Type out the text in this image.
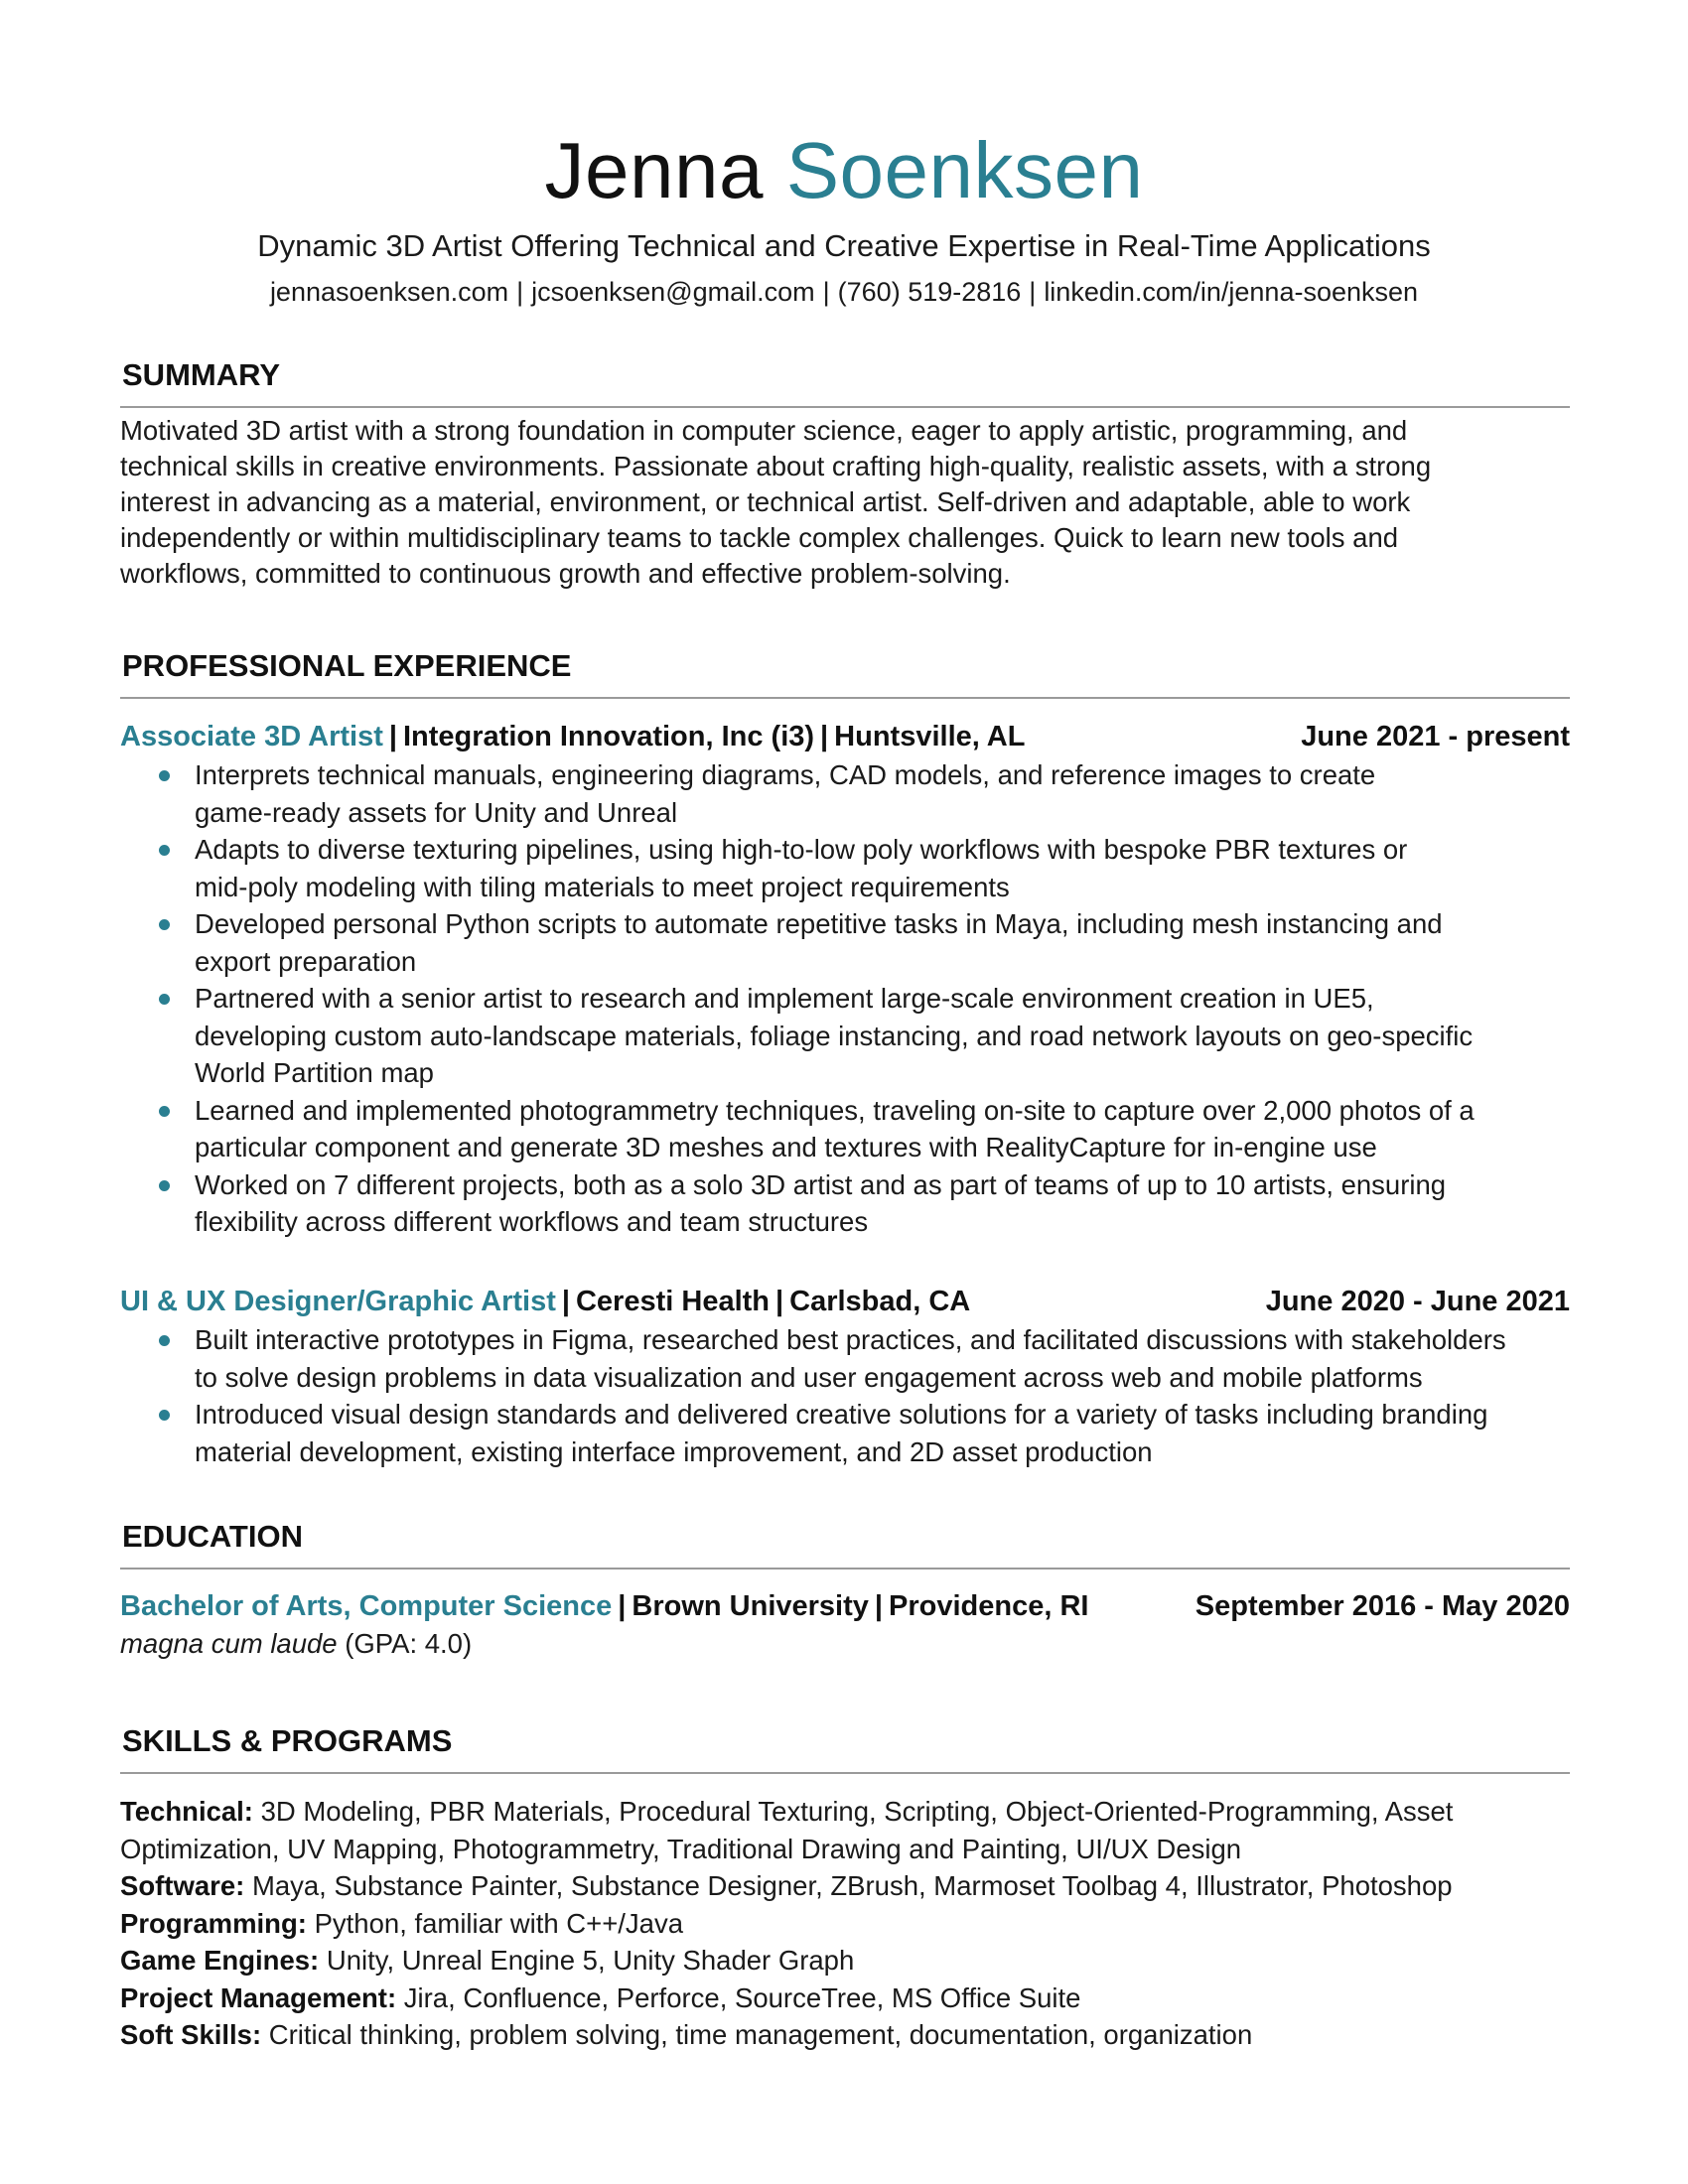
Jenna Soenksen
Dynamic 3D Artist Offering Technical and Creative Expertise in Real-Time Applications
jennasoenksen.com | jcsoenksen@gmail.com | (760) 519-2816 | linkedin.com/in/jenna-soenksen
SUMMARY

Motivated 3D artist with a strong foundation in computer science, eager to apply artistic, programming, and

technical skills in creative environments. Passionate about crafting high-quality, realistic assets, with a strong

interest in advancing as a material, environment, or technical artist. Self-driven and adaptable, able to work

independently or within multidisciplinary teams to tackle complex challenges. Quick to learn new tools and

workflows, committed to continuous growth and effective problem-solving.

PROFESSIONAL EXPERIENCE
Associate 3D Artist | Integration Innovation, Inc (i3) | Huntsville, AL	June 2021 - present
Interprets technical manuals, engineering diagrams, CAD models, and reference images to create
game-ready assets for Unity and Unreal
Adapts to diverse texturing pipelines, using high-to-low poly workflows with bespoke PBR textures or
mid-poly modeling with tiling materials to meet project requirements
Developed personal Python scripts to automate repetitive tasks in Maya, including mesh instancing and
export preparation
Partnered with a senior artist to research and implement large-scale environment creation in UE5,
developing custom auto-landscape materials, foliage instancing, and road network layouts on geo-specific
World Partition map
Learned and implemented photogrammetry techniques, traveling on-site to capture over 2,000 photos of a
particular component and generate 3D meshes and textures with RealityCapture for in-engine use
Worked on 7 different projects, both as a solo 3D artist and as part of teams of up to 10 artists, ensuring
flexibility across different workflows and team structures
UI & UX Designer/Graphic Artist | Ceresti Health | Carlsbad, CA	June 2020 - June 2021
Built interactive prototypes in Figma, researched best practices, and facilitated discussions with stakeholders
to solve design problems in data visualization and user engagement across web and mobile platforms
Introduced visual design standards and delivered creative solutions for a variety of tasks including branding
material development, existing interface improvement, and 2D asset production
EDUCATION
Bachelor of Arts, Computer Science | Brown University | Providence, RI	September 2016 - May 2020

magna cum laude (GPA: 4.0)

SKILLS & PROGRAMS

Technical: 3D Modeling, PBR Materials, Procedural Texturing, Scripting, Object-Oriented-Programming, Asset
Optimization, UV Mapping, Photogrammetry, Traditional Drawing and Painting, UI/UX Design

Software: Maya, Substance Painter, Substance Designer, ZBrush, Marmoset Toolbag 4, Illustrator, Photoshop

Programming: Python, familiar with C++/Java

Game Engines: Unity, Unreal Engine 5, Unity Shader Graph

Project Management: Jira, Confluence, Perforce, SourceTree, MS Office Suite

Soft Skills: Critical thinking, problem solving, time management, documentation, organization
